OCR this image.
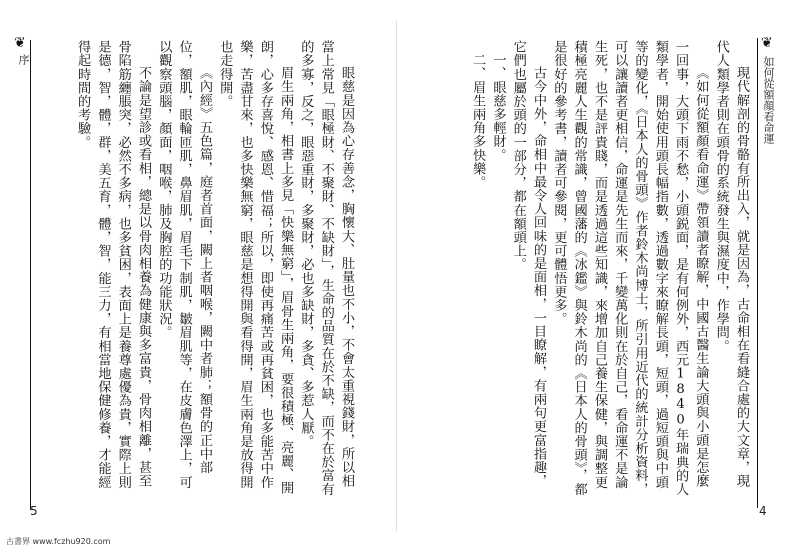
❦
序

眼慈是因為心存善念，胸懷大、肚量也不小，不會太重視錢財，所以相當上常見「眼極財、不聚財、不缺財」，生命的品質在於不缺，而不在於富有的多寡，反之，眼惡重財，多聚財，必也多缺財，多貪、多惹人厭。

眉生兩角，相書上多見「快樂無窮」，眉骨生兩角，要很積極、亮麗、開朗，心多存喜悅、感恩、惜福；所以，即使再痛苦或再貧困，也多能苦中作樂，苦盡甘來，也多快樂無窮，眼慈是想得開與看得開，眉生兩角是放得開也走得開。

《內經》五色篇，庭者首面，闕上者咽喉，闕中者肺；額骨的正中部位，額肌，眼輪匝肌，鼻眉肌，眉毛下制肌，皺眉肌等，在皮膚色澤上，可以觀察頭腦，顏面，咽喉，肺及胸腔的功能狀況。

不論是望診或看相，總是以骨肉相養為健康與多富貴，骨肉相離，甚至骨陷筋纏脹突，必然不多病，也多貧困，表面上是養尊處優為貴，實際上則是德，智，體，群，美五育，體，智，能三力，有相當地保健修養，才能經得起時間的考驗。

5
❦
如何從額顏看命運

現代解剖的骨骼有所出入，就是因為，古命相在看縫合處的大文章，現代人類學者則在頭骨的系統發生與濕度中，作學問。

《如何從額顏看命運》帶領讀者瞭解，中國古醫生論大頭與小頭是怎麼一回事，大頭下雨不愁，小頭鋭面，是有何例外，西元1840年瑞典的人類學者，開始使用頭長幅指數，透過數字來瞭解長頭，短頭，過短頭與中頭等的變化，《日本人的骨頭》作者鈴木尚博士，所引用近代的統計分析資料，可以讓讀者更相信，命運是先生而來，千變萬化則在於自己，看命運不是論生死，也不是評貴賤，而是透過這些知識，來增加自己養生保健，與調整更積極亮麗人生觀的常識，曾國藩的《冰鑑》與鈴木尚的《日本人的骨頭》，都是很好的參考書，讀者可參閱，更可體悟更多。

古今中外，命相中最令人回味的是面相，一目瞭解，有兩句更富指趣，它們也屬於頭的一部分，都在額頭上。

一、眼慈多輕財。

二、眉生兩角多快樂。

4
古書界 www.fczhu920.com
